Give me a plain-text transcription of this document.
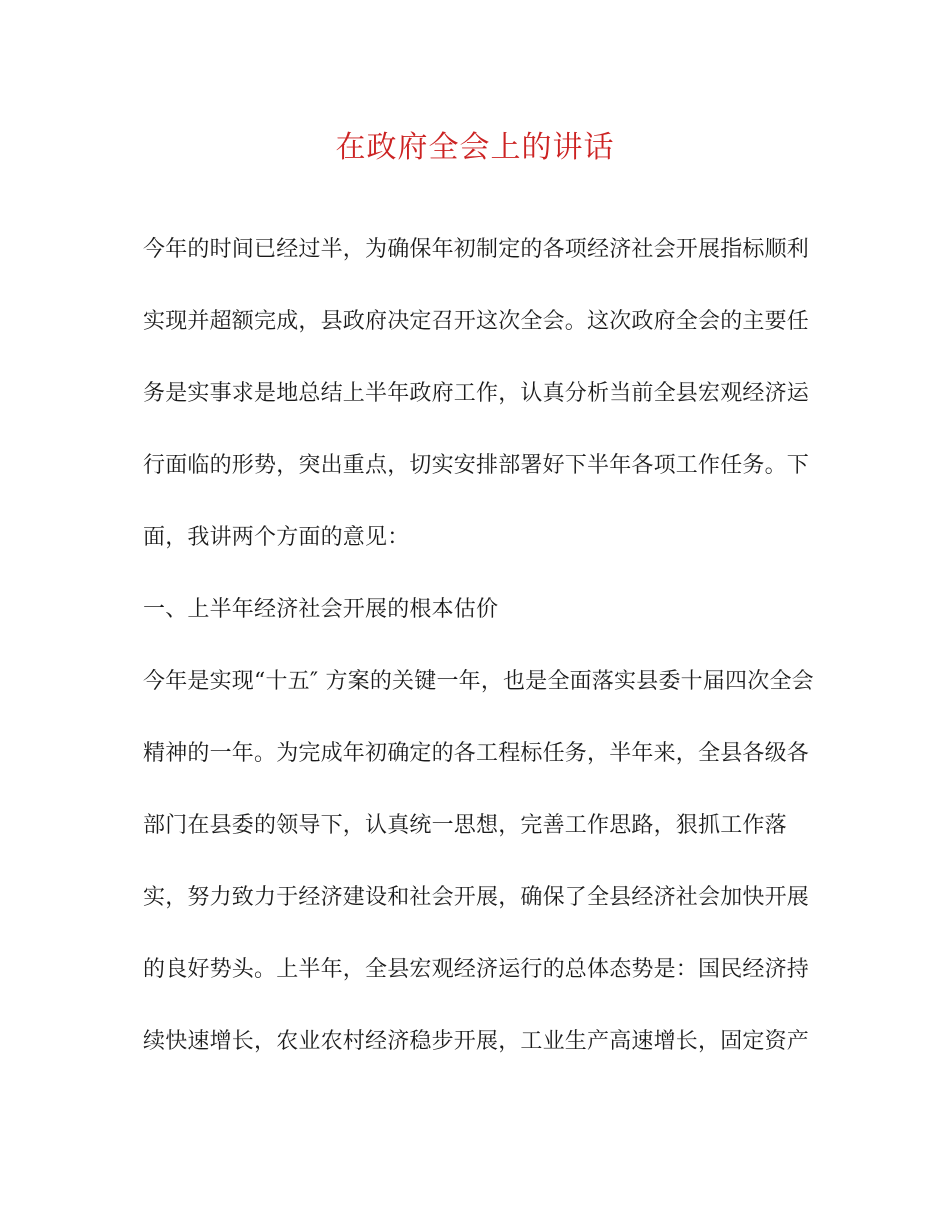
在政府全会上的讲话
今年的时间已经过半，为确保年初制定的各项经济社会开展指标顺利
实现并超额完成，县政府决定召开这次全会。这次政府全会的主要任
务是实事求是地总结上半年政府工作，认真分析当前全县宏观经济运
行面临的形势，突出重点，切实安排部署好下半年各项工作任务。下
面，我讲两个方面的意见：
一、上半年经济社会开展的根本估价
今年是实现“十五″ 方案的关键一年，也是全面落实县委十届四次全会
精神的一年。为完成年初确定的各工程标任务，半年来，全县各级各
部门在县委的领导下，认真统一思想，完善工作思路，狠抓工作落
实，努力致力于经济建设和社会开展，确保了全县经济社会加快开展
的良好势头。上半年，全县宏观经济运行的总体态势是：国民经济持
续快速增长，农业农村经济稳步开展，工业生产高速增长，固定资产
